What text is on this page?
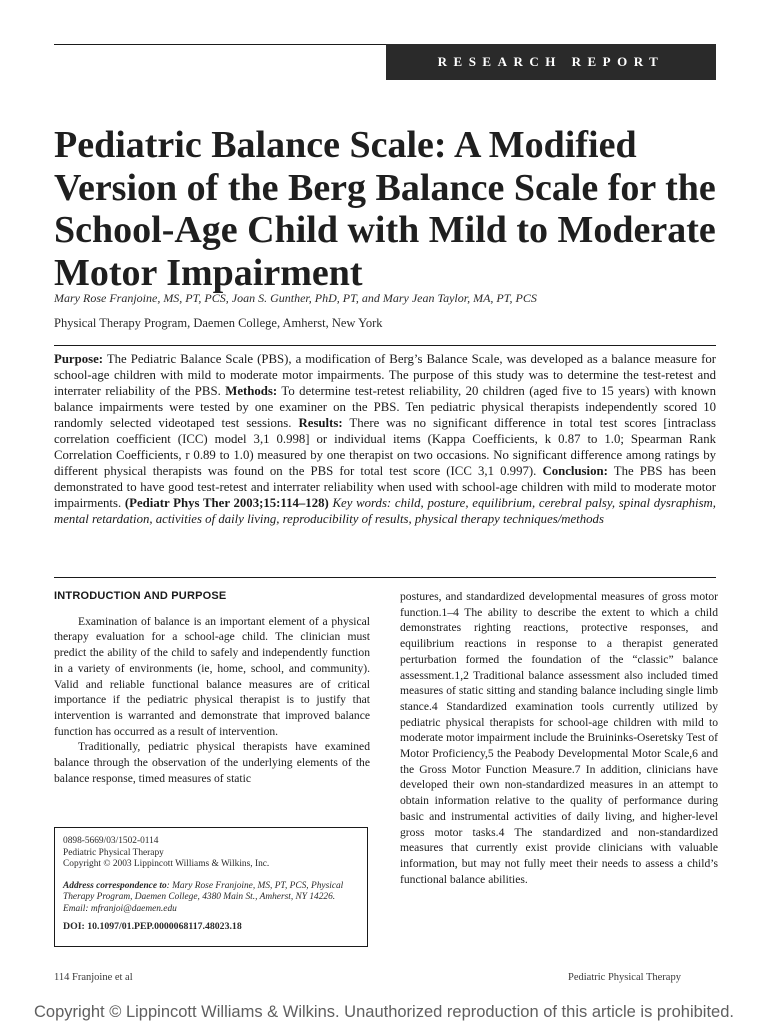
RESEARCH REPORT
Pediatric Balance Scale: A Modified Version of the Berg Balance Scale for the School-Age Child with Mild to Moderate Motor Impairment
Mary Rose Franjoine, MS, PT, PCS, Joan S. Gunther, PhD, PT, and Mary Jean Taylor, MA, PT, PCS
Physical Therapy Program, Daemen College, Amherst, New York
Purpose: The Pediatric Balance Scale (PBS), a modification of Berg’s Balance Scale, was developed as a balance measure for school-age children with mild to moderate motor impairments. The purpose of this study was to determine the test-retest and interrater reliability of the PBS. Methods: To determine test-retest reliability, 20 children (aged five to 15 years) with known balance impairments were tested by one examiner on the PBS. Ten pediatric physical therapists independently scored 10 randomly selected videotaped test sessions. Results: There was no significant difference in total test scores [intraclass correlation coefficient (ICC) model 3,1 0.998] or individual items (Kappa Coefficients, k 0.87 to 1.0; Spearman Rank Correlation Coefficients, r 0.89 to 1.0) measured by one therapist on two occasions. No significant difference among ratings by different physical therapists was found on the PBS for total test score (ICC 3,1 0.997). Conclusion: The PBS has been demonstrated to have good test-retest and interrater reliability when used with school-age children with mild to moderate motor impairments. (Pediatr Phys Ther 2003;15:114–128) Key words: child, posture, equilibrium, cerebral palsy, spinal dysraphism, mental retardation, activities of daily living, reproducibility of results, physical therapy techniques/methods
INTRODUCTION AND PURPOSE

Examination of balance is an important element of a physical therapy evaluation for a school-age child. The clinician must predict the ability of the child to safely and independently function in a variety of environments (ie, home, school, and community). Valid and reliable functional balance measures are of critical importance if the pediatric physical therapist is to justify that intervention is warranted and demonstrate that improved balance function has occurred as a result of intervention.

Traditionally, pediatric physical therapists have examined balance through the observation of the underlying elements of the balance response, timed measures of static

postures, and standardized developmental measures of gross motor function.1–4 The ability to describe the extent to which a child demonstrates righting reactions, protective responses, and equilibrium reactions in response to a therapist generated perturbation formed the foundation of the “classic” balance assessment.1,2 Traditional balance assessment also included timed measures of static sitting and standing balance including single limb stance.4 Standardized examination tools currently utilized by pediatric physical therapists for school-age children with mild to moderate motor impairment include the Bruininks-Oseretsky Test of Motor Proficiency,5 the Peabody Developmental Motor Scale,6 and the Gross Motor Function Measure.7 In addition, clinicians have developed their own non-standardized measures in an attempt to obtain information relative to the quality of performance during basic and instrumental activities of daily living, and higher-level gross motor tasks.4 The standardized and non-standardized measures that currently exist provide clinicians with valuable information, but may not fully meet their needs to assess a child’s functional balance abilities.

0898-5669/03/1502-0114
Pediatric Physical Therapy
Copyright © 2003 Lippincott Williams & Wilkins, Inc.
Address correspondence to: Mary Rose Franjoine, MS, PT, PCS, Physical Therapy Program, Daemen College, 4380 Main St., Amherst, NY 14226. Email: mfranjoi@daemen.edu
DOI: 10.1097/01.PEP.0000068117.48023.18
114 Franjoine et al	Pediatric Physical Therapy
Copyright © Lippincott Williams & Wilkins. Unauthorized reproduction of this article is prohibited.
